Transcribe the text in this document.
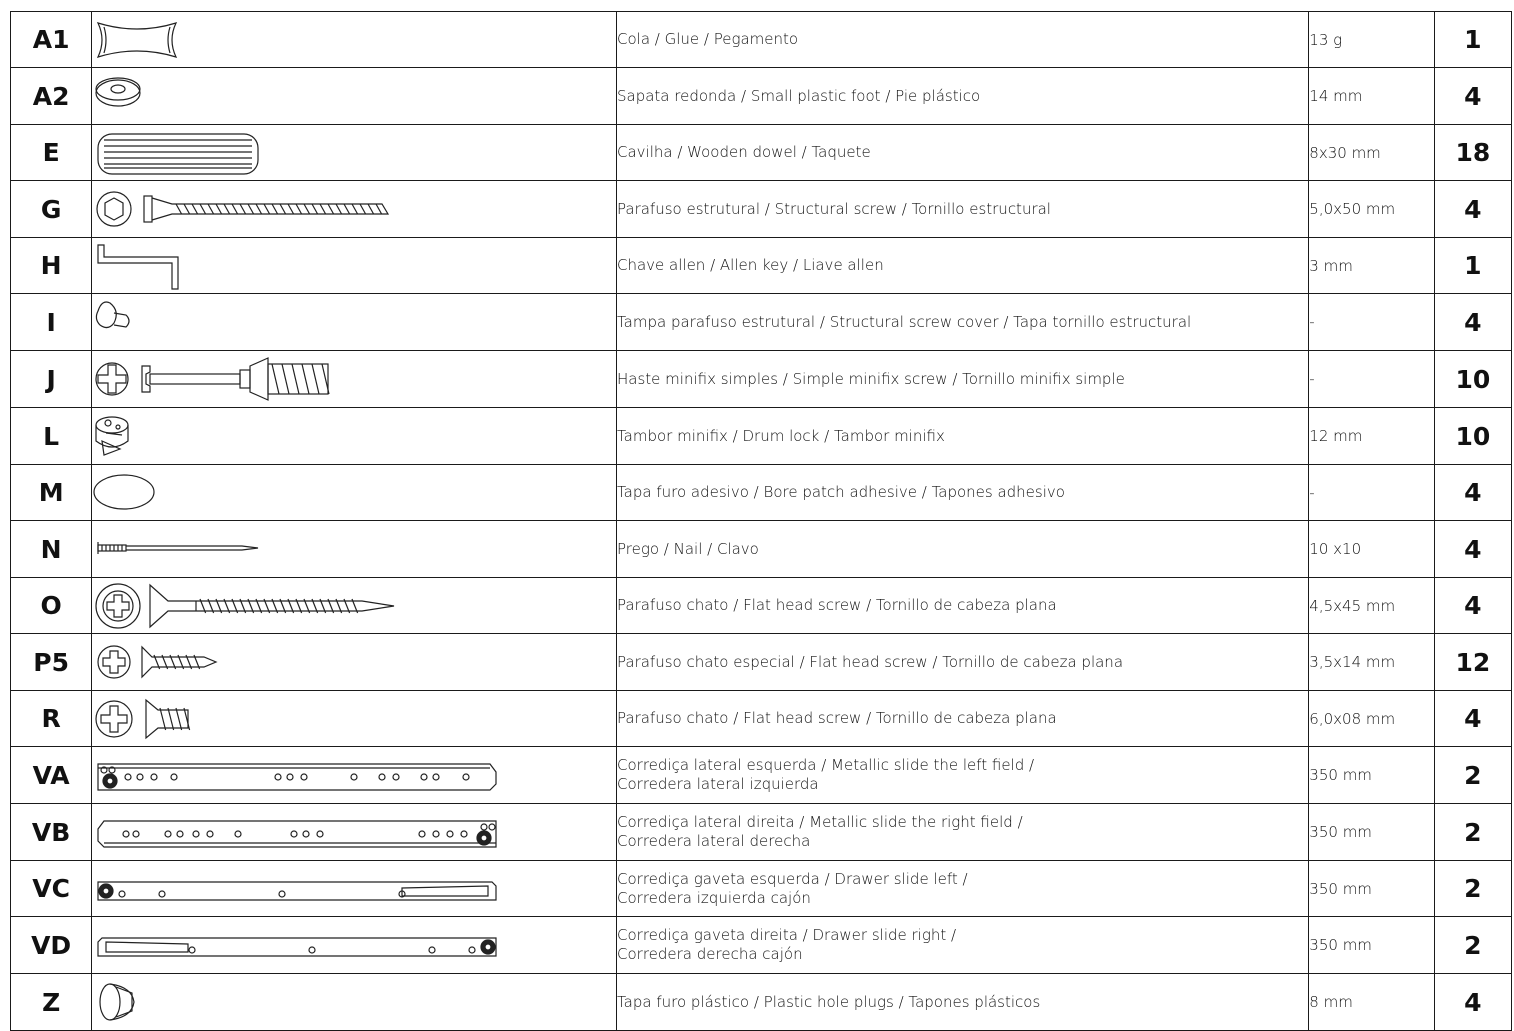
A1		Cola / Glue / Pegamento	13 g	1
A2		Sapata redonda / Small plastic foot / Pie plástico	14 mm	4
E		Cavilha / Wooden dowel / Taquete	8x30 mm	18
G		Parafuso estrutural / Structural screw / Tornillo estructural	5,0x50 mm	4
H		Chave allen / Allen key / Liave allen	3 mm	1
I		Tampa parafuso estrutural / Structural screw cover / Tapa tornillo estructural	-	4
J		Haste minifix simples / Simple minifix screw / Tornillo minifix simple	-	10
L		Tambor minifix / Drum lock / Tambor minifix	12 mm	10
M		Tapa furo adesivo / Bore patch adhesive / Tapones adhesivo	-	4
N		Prego / Nail / Clavo	10 x10	4
O		Parafuso chato / Flat head screw / Tornillo de cabeza plana	4,5x45 mm	4
P5		Parafuso chato especial / Flat head screw / Tornillo de cabeza plana	3,5x14 mm	12
R		Parafuso chato / Flat head screw / Tornillo de cabeza plana	6,0x08 mm	4
VA		Corrediça lateral esquerda / Metallic slide the left field /
Corredera lateral izquierda	350 mm	2
VB		Corrediça lateral direita / Metallic slide the right field /
Corredera lateral derecha	350 mm	2
VC		Corrediça gaveta esquerda / Drawer slide left /
Corredera izquierda cajón	350 mm	2
VD		Corrediça gaveta direita / Drawer slide right /
Corredera derecha cajón	350 mm	2
Z		Tapa furo plástico / Plastic hole plugs / Tapones plásticos	8 mm	4
